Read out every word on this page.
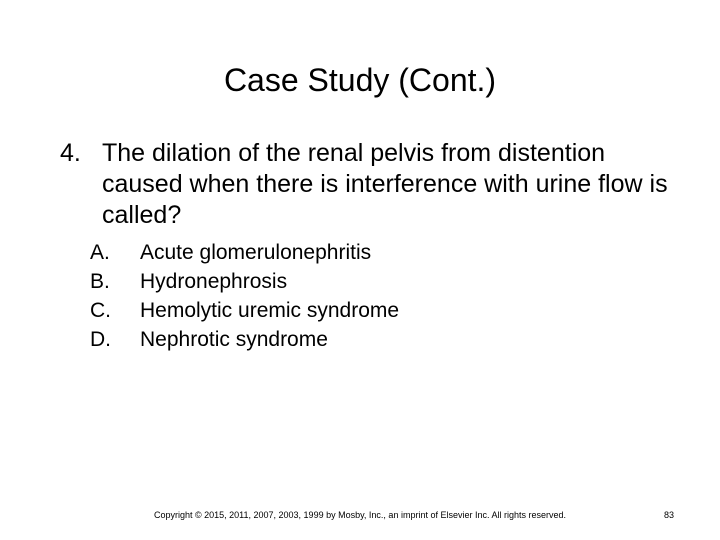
Case Study (Cont.)
4. The dilation of the renal pelvis from distention caused when there is interference with urine flow is called?
A. Acute glomerulonephritis
B. Hydronephrosis
C. Hemolytic uremic syndrome
D. Nephrotic syndrome
Copyright © 2015, 2011, 2007, 2003, 1999 by Mosby, Inc., an imprint of Elsevier Inc. All rights reserved.	83
